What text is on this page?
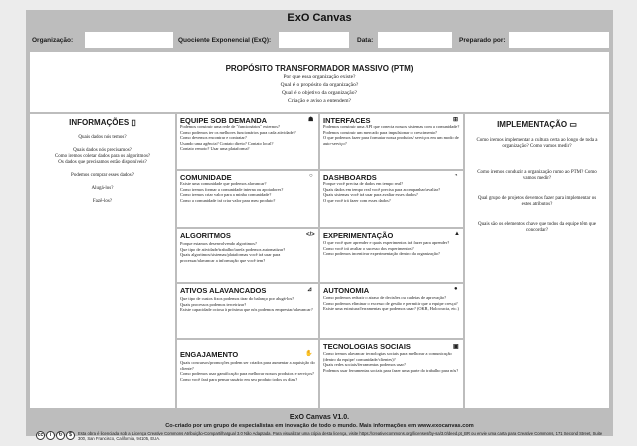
ExO Canvas
Organização:	Quociente Exponencial (ExQ):	Data:	Preparado por:
PROPÓSITO TRANSFORMADOR MASSIVO (PTM)
Por que essa organização existe?
Qual é o propósito da organização?
Qual é o objetivo da organização?
Criação e aviso a entendem?
INFORMAÇÕES ▯
Quais dados nós temos?
Quais dados nós precisamos?
Como iremos coletar dados para os algoritmos?
Os dados que precisamos estão disponíveis?
Podemos comprar esses dados?
Alugá-los?
Fazê-los?
IMPLEMENTAÇÃO ▭
Como iremos implementar a cultura certa ao longo de toda a organização? Como vamos medir?
Como iremos conduzir a organização rumo ao PTM? Como vamos medir?
Qual grupo de projetos devemos fazer para implementar os estes atributos?
Quais são os elementos chave que todos da equipe têm que concordar?
EQUIPE SOB DEMANDA	☗
Podemos construir uma rede de "funcionários" externos?
Como podemos ter os melhores funcionários para cada atividade?
Como devemos encontrar e contratar?
Usando uma agência? Contato direto? Contato local?
Contato remoto? Usar uma plataforma?
COMUNIDADE	○
Existe uma comunidade que podemos alavancar?
Como iremos formar a comunidade interna ou apoiadores?
Como iremos criar valor para a minha comunidade?
Como a comunidade irá criar valor para meu produto?
ALGORITMOS	</>
Porque estamos desenvolvendo algoritmos?
Que tipo de atividade/trabalho/tarefa podemos automatizar?
Quais algoritmos/sistemas/plataformas você irá usar para processar/alavancar a informação que você tem?
ATIVOS ALAVANCADOS	⊿
Que tipo de custos fixos podemos tirar do balanço por alugá-los?
Quais processos podemos terceirizar?
Existe capacidade ociosa à próxima que nós podemos emprestar/alavancar?
ENGAJAMENTO	✋
Quais concursos/promoções podem ser criados para aumentar a aquisição do cliente?
Como podemos usar gamificação para melhorar nossos produtos e serviços?
Como você fará para pensar usuário em seu produto todos os dias?
INTERFACES	⊞
Podemos construir uma API que conecta nossos sistemas com a comunidade?
Podemos construir um mercado para impulsionar o crescimento?
O que podemos fazer para formatar nossa produtos/ serviços em um modo de auto-serviço?
DASHBOARDS	◔
Porque você precisa de dados em tempo real?
Quais dados em tempo real você precisa para acompanhar/avaliar?
Quais sistemas você irá usar para avaliar esses dados?
O que você irá fazer com esses dados?
EXPERIMENTAÇÃO	▲
O que você quer aprender e quais experimentos irá fazer para aprender?
Como você irá avaliar o sucesso dos experimentos?
Como podemos incentivar experimentação dentro da organização?
AUTONOMIA	●
Como podemos reduzir o atraso de decisões ou cadeias de aprovação?
Como podemos eliminar o excesso de gestão e permitir que a equipe cresça?
Existe uma estrutura/ferramentas que podemos usar? (OKR, Holocracia, etc.)
TECNOLOGIAS SOCIAIS	▣
Como iremos alavancar tecnologias sociais para melhorar a comunicação (dentro da equipe/ comunidade/clientes)?
Quais redes sociais/ferramentas podemos usar?
Podemos usar ferramentas sociais para fazer uma parte do trabalho para nós?
ExO Canvas V1.0.
Co-criado por um grupo de especialistas em inovação de todo o mundo. Mais informações em www.exocanvas.com
cc	i	↻	$	Esta obra é licenciada sob a Licença Creative Commons Atribuição-CompartilhaIgual 3.0 Não Adaptada. Para visualizar uma cópia desta licença, visite https://creativecommons.org/licenses/by-sa/3.0/deed.pt_BR ou envie uma carta para Creative Commons, 171 Second Street, Suite 300, San Francisco, California, 94105, EUA.
